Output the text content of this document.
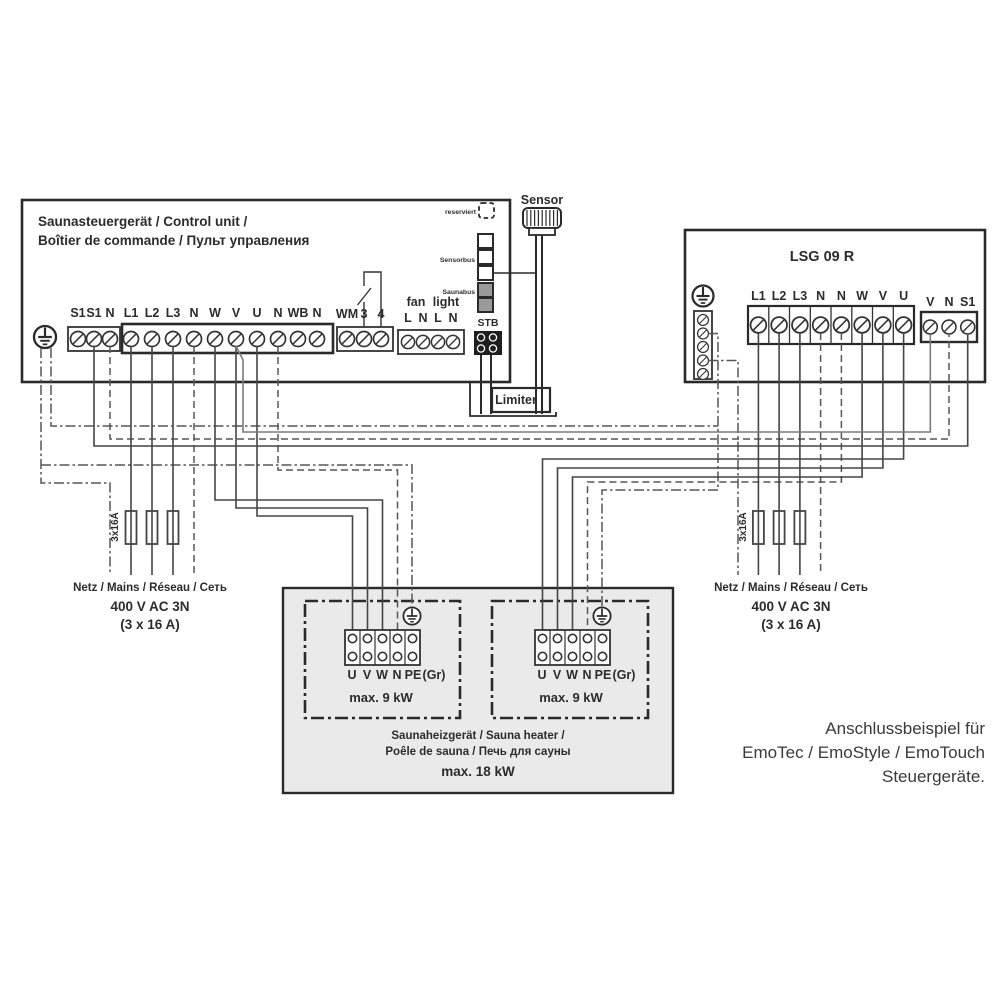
Saunasteuergerät / Control unit /
Boîtier de commande / Пульт управления
S1 S1 N L1 L2 L3 N W V U N WB N WM 3 4
fan light
L N L N STB
reserviert
Sensorbus
Saunabus
Limiter
Sensor
LSG 09 R
L1 L2 L3 N N W V U V N S1
3x16A
Netz / Mains / Réseau / Сеть
400 V AC 3N
(3 x 16 A)
3x16A
Netz / Mains / Réseau / Сеть
400 V AC 3N
(3 x 16 A)
U V W N PE (Gr)
max. 9 kW
U V W N PE (Gr)
max. 9 kW
Saunaheizgerät / Sauna heater /
Poêle de sauna / Печь для сауны
max. 18 kW
Anschlussbeispiel für
EmoTec / EmoStyle / EmoTouch
Steuergeräte.
